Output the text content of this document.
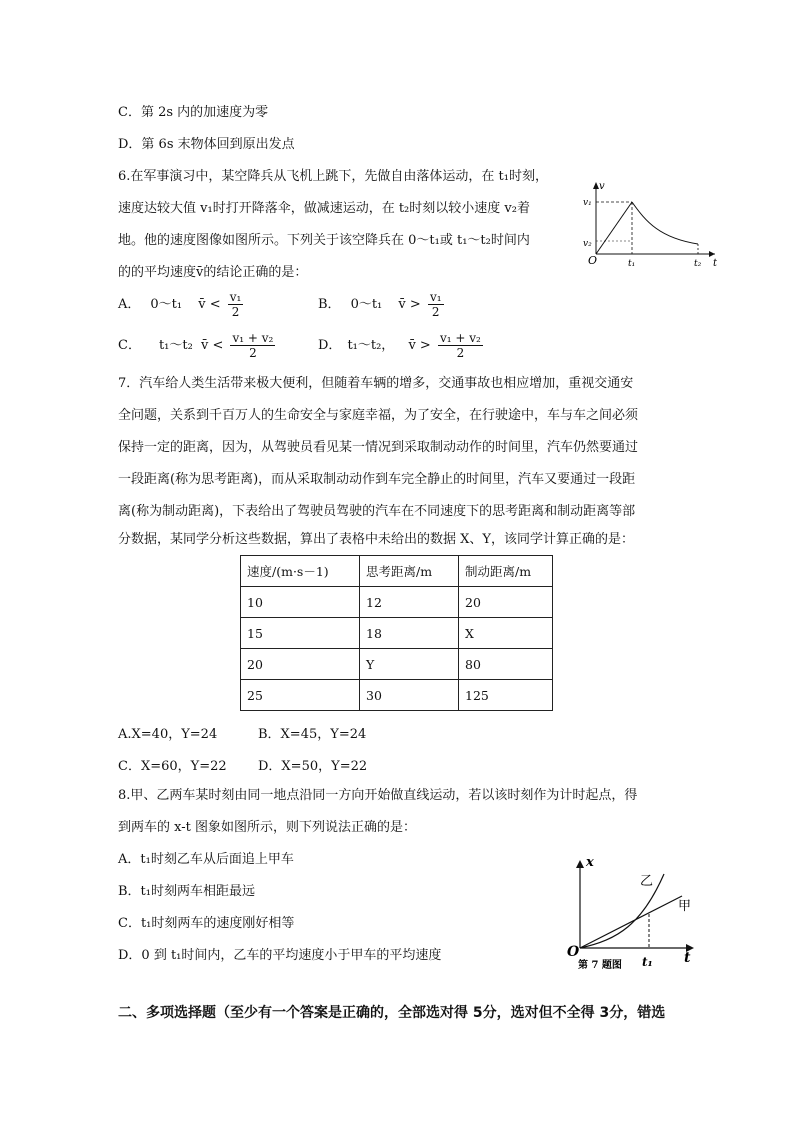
C．第 2s 内的加速度为零
D．第 6s 末物体回到原出发点
6.在军事演习中，某空降兵从飞机上跳下，先做自由落体运动，在 t₁时刻，
速度达较大值 v₁时打开降落伞，做减速运动，在 t₂时刻以较小速度 v₂着
地。他的速度图像如图所示。下列关于该空降兵在 0～t₁或 t₁～t₂时间内
的的平均速度v̄的结论正确的是：
A． 0～t₁ v̄ < $\frac{\text{v₁}}{2}$	B． 0～t₁ v̄ > $\frac{\text{v₁}}{2}$
C． t₁～t₂ v̄ < $\frac{\text{v₁ + v₂}}{2}$	D． t₁～t₂， v̄ > $\frac{\text{v₁ + v₂}}{2}$
v
v₁
v₂
O	t₁	t₂ t
7．汽车给人类生活带来极大便利，但随着车辆的增多，交通事故也相应增加，重视交通安
全问题，关系到千百万人的生命安全与家庭幸福，为了安全，在行驶途中，车与车之间必须
保持一定的距离，因为，从驾驶员看见某一情况到采取制动动作的时间里，汽车仍然要通过
一段距离(称为思考距离)，而从采取制动动作到车完全静止的时间里，汽车又要通过一段距
离(称为制动距离)，下表给出了驾驶员驾驶的汽车在不同速度下的思考距离和制动距离等部
分数据，某同学分析这些数据，算出了表格中未给出的数据 X、Y，该同学计算正确的是：
速度/(m·s－1)	思考距离/m	制动距离/m
10	12	20
15	18	X
20	Y	80
25	30	125
A.X=40，Y=24	B．X=45，Y=24
C．X=60，Y=22 D．X=50，Y=22
8.甲、乙两车某时刻由同一地点沿同一方向开始做直线运动，若以该时刻作为计时起点，得
到两车的 x-t 图象如图所示，则下列说法正确的是：
A．t₁时刻乙车从后面追上甲车
B．t₁时刻两车相距最远
C．t₁时刻两车的速度刚好相等
D．0 到 t₁时间内，乙车的平均速度小于甲车的平均速度
x
乙
甲
O
t₁ t
第 7 题图
二、多项选择题（至少有一个答案是正确的，全部选对得 5分，选对但不全得 3分，错选
